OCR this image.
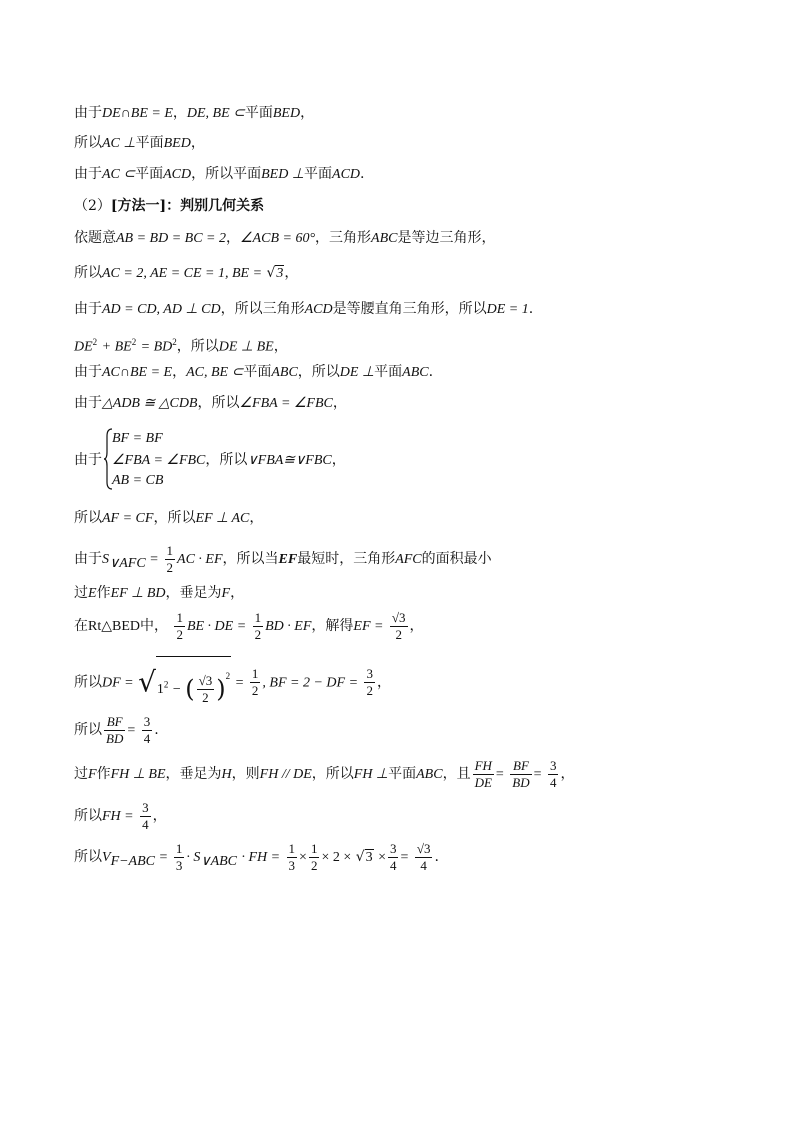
由于DE∩BE = E，DE, BE ⊂平面BED，
所以AC ⊥平面BED，
由于AC ⊂平面ACD，所以平面BED ⊥平面ACD.
（2）[方法一]：判别几何关系
依题意AB = BD = BC = 2，∠ACB = 60°，三角形ABC是等边三角形，
所以AC = 2, AE = CE = 1, BE = √3，
由于AD = CD, AD ⊥ CD，所以三角形ACD是等腰直角三角形，所以DE = 1.
$DE^2 + BE^2 = BD^2$，所以DE ⊥ BE，
由于AC∩BE = E，AC, BE ⊂平面ABC，所以DE ⊥平面ABC.
由于△ADB ≅ △CDB，所以∠FBA = ∠FBC，
由于
BF = BF
∠FBA = ∠FBC，所以∨FBA≅∨FBC，
AB = CB
所以AF = CF，所以EF ⊥ AC，
由于$S_{\vee AFC} = \frac{1}{2}$ AC · EF，所以当EF最短时，三角形AFC的面积最小
过E作EF ⊥ BD，垂足为F，
在Rt△BED中， $\frac{1}{2}$ BE · DE = $\frac{1}{2}$ BD · EF，解得EF = $\frac{√3}{2}$ ，
所以DF = $√1^2$ − ( $\frac{√3}{2} )^2 = \frac{1}{2}$ , BF = 2 − DF = $\frac{3}{2}$ ，
所以 $\frac{BF}{BD} = \frac{3}{4}$ .
过F作FH ⊥ BE，垂足为H，则FH // DE，所以FH ⊥平面ABC，且 $\frac{FH}{DE} = \frac{BF}{BD} = \frac{3}{4}$ ，
所以FH = $\frac{3}{4}$ ，
所以$V_{F-ABC} = \frac{1}{3} \cdot S_{\vee ABC}$ · FH = $\frac{1}{3} \times \frac{1}{2} \times 2 \times √3 \times \frac{3}{4} = \frac{√3}{4}$ .
